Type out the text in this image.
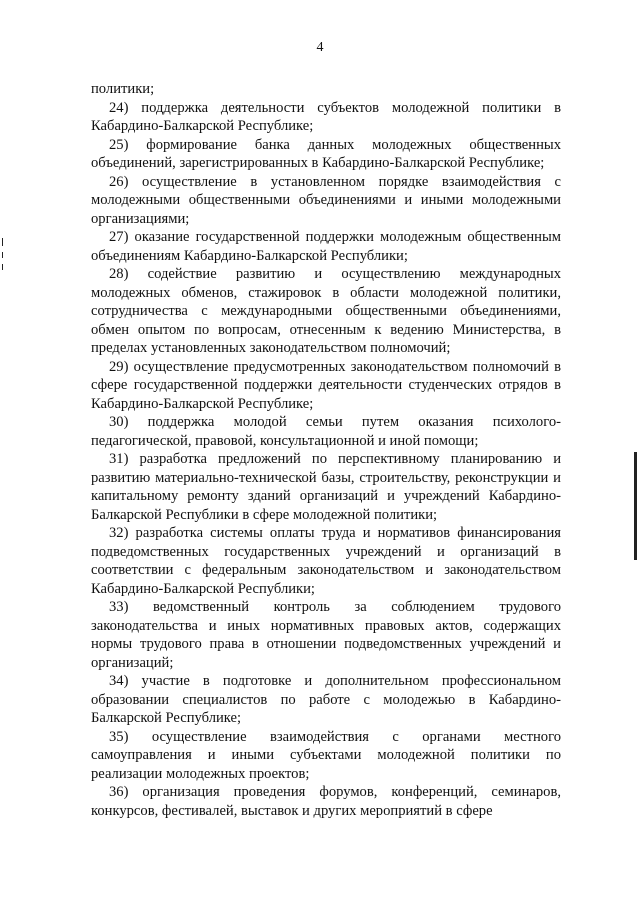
4

политики;

24) поддержка деятельности субъектов молодежной политики в Кабардино-Балкарской Республике;

25) формирование банка данных молодежных общественных объединений, зарегистрированных в Кабардино-Балкарской Республике;

26) осуществление в установленном порядке взаимодействия с молодежными общественными объединениями и иными молодежными организациями;

27) оказание государственной поддержки молодежным общественным объединениям Кабардино-Балкарской Республики;

28) содействие развитию и осуществлению международных молодежных обменов, стажировок в области молодежной политики, сотрудничества с международными общественными объединениями, обмен опытом по вопросам, отнесенным к ведению Министерства, в пределах установленных законодательством полномочий;

29) осуществление предусмотренных законодательством полномочий в сфере государственной поддержки деятельности студенческих отрядов в Кабардино-Балкарской Республике;

30) поддержка молодой семьи путем оказания психолого-педагогической, правовой, консультационной и иной помощи;

31) разработка предложений по перспективному планированию и развитию материально-технической базы, строительству, реконструкции и капитальному ремонту зданий организаций и учреждений Кабардино-Балкарской Республики в сфере молодежной политики;

32) разработка системы оплаты труда и нормативов финансирования подведомственных государственных учреждений и организаций в соответствии с федеральным законодательством и законодательством Кабардино-Балкарской Республики;

33) ведомственный контроль за соблюдением трудового законодательства и иных нормативных правовых актов, содержащих нормы трудового права в отношении подведомственных учреждений и организаций;

34) участие в подготовке и дополнительном профессиональном образовании специалистов по работе с молодежью в Кабардино-Балкарской Республике;

35) осуществление взаимодействия с органами местного самоуправления и иными субъектами молодежной политики по реализации молодежных проектов;

36) организация проведения форумов, конференций, семинаров, конкурсов, фестивалей, выставок и других мероприятий в сфере
